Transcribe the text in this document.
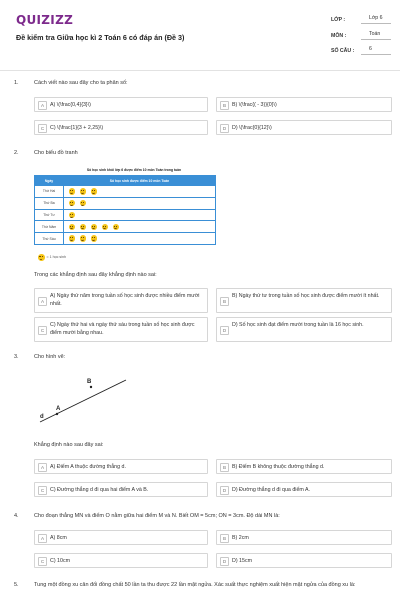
QUIZIZZ
Đề kiểm tra Giữa học kì 2 Toán 6 có đáp án (Đề 3)
LỚP :	Lớp 6
MÔN :	Toán
SỐ CÂU :	6
1.	Cách viết nào sau đây cho ta phân số:
A	A) \(\frac{0,4}{3}\)	B	B) \(\frac{( - 3)}{0}\)
C	C) \(\frac{1}{3 + 2,25}\)	D	D) \(\frac{0}{12}\)
2.	Cho biểu đồ tranh
Số học sinh khối lớp 6 được điểm 10 môn Toán trong tuần
Ngày	Số học sinh được điểm 10 môn Toán
Thứ Hai	
Thứ Ba	
Thứ Tư	
Thứ Năm	
Thứ Sáu	
= 1 học sinh
Trong các khẳng định sau đây khẳng định nào sai:
A
A) Ngày thứ năm trong tuần số học sinh được nhiều điểm mười nhất.	B
B) Ngày thứ tư trong tuần số học sinh được điểm mười ít nhất.
C
C) Ngày thứ hai và ngày thứ sáu trong tuần số học sinh được điểm mười bằng nhau.	D
D) Số học sinh đạt điểm mười trong tuần là 16 học sinh.
3.	Cho hình vẽ:
B
A
d
Khẳng định nào sau đây sai:
A	A) Điểm A thuộc đường thẳng d.	B	B) Điểm B không thuộc đường thẳng d.
C	C) Đường thẳng d đi qua hai điểm A và B.	D	D) Đường thẳng d đi qua điểm A.
4.	Cho đoạn thẳng MN và điểm O nằm giữa hai điểm M và N. Biết OM = 5cm; ON = 3cm. Độ dài MN là:
A	A) 8cm	B	B) 2cm
C	C) 10cm	D	D) 15cm
5.	Tung một đồng xu cân đối đồng chất 50 lần ta thu được 22 lần mặt ngửa. Xác suất thực nghiệm xuất hiện mặt ngửa của đồng xu là:
